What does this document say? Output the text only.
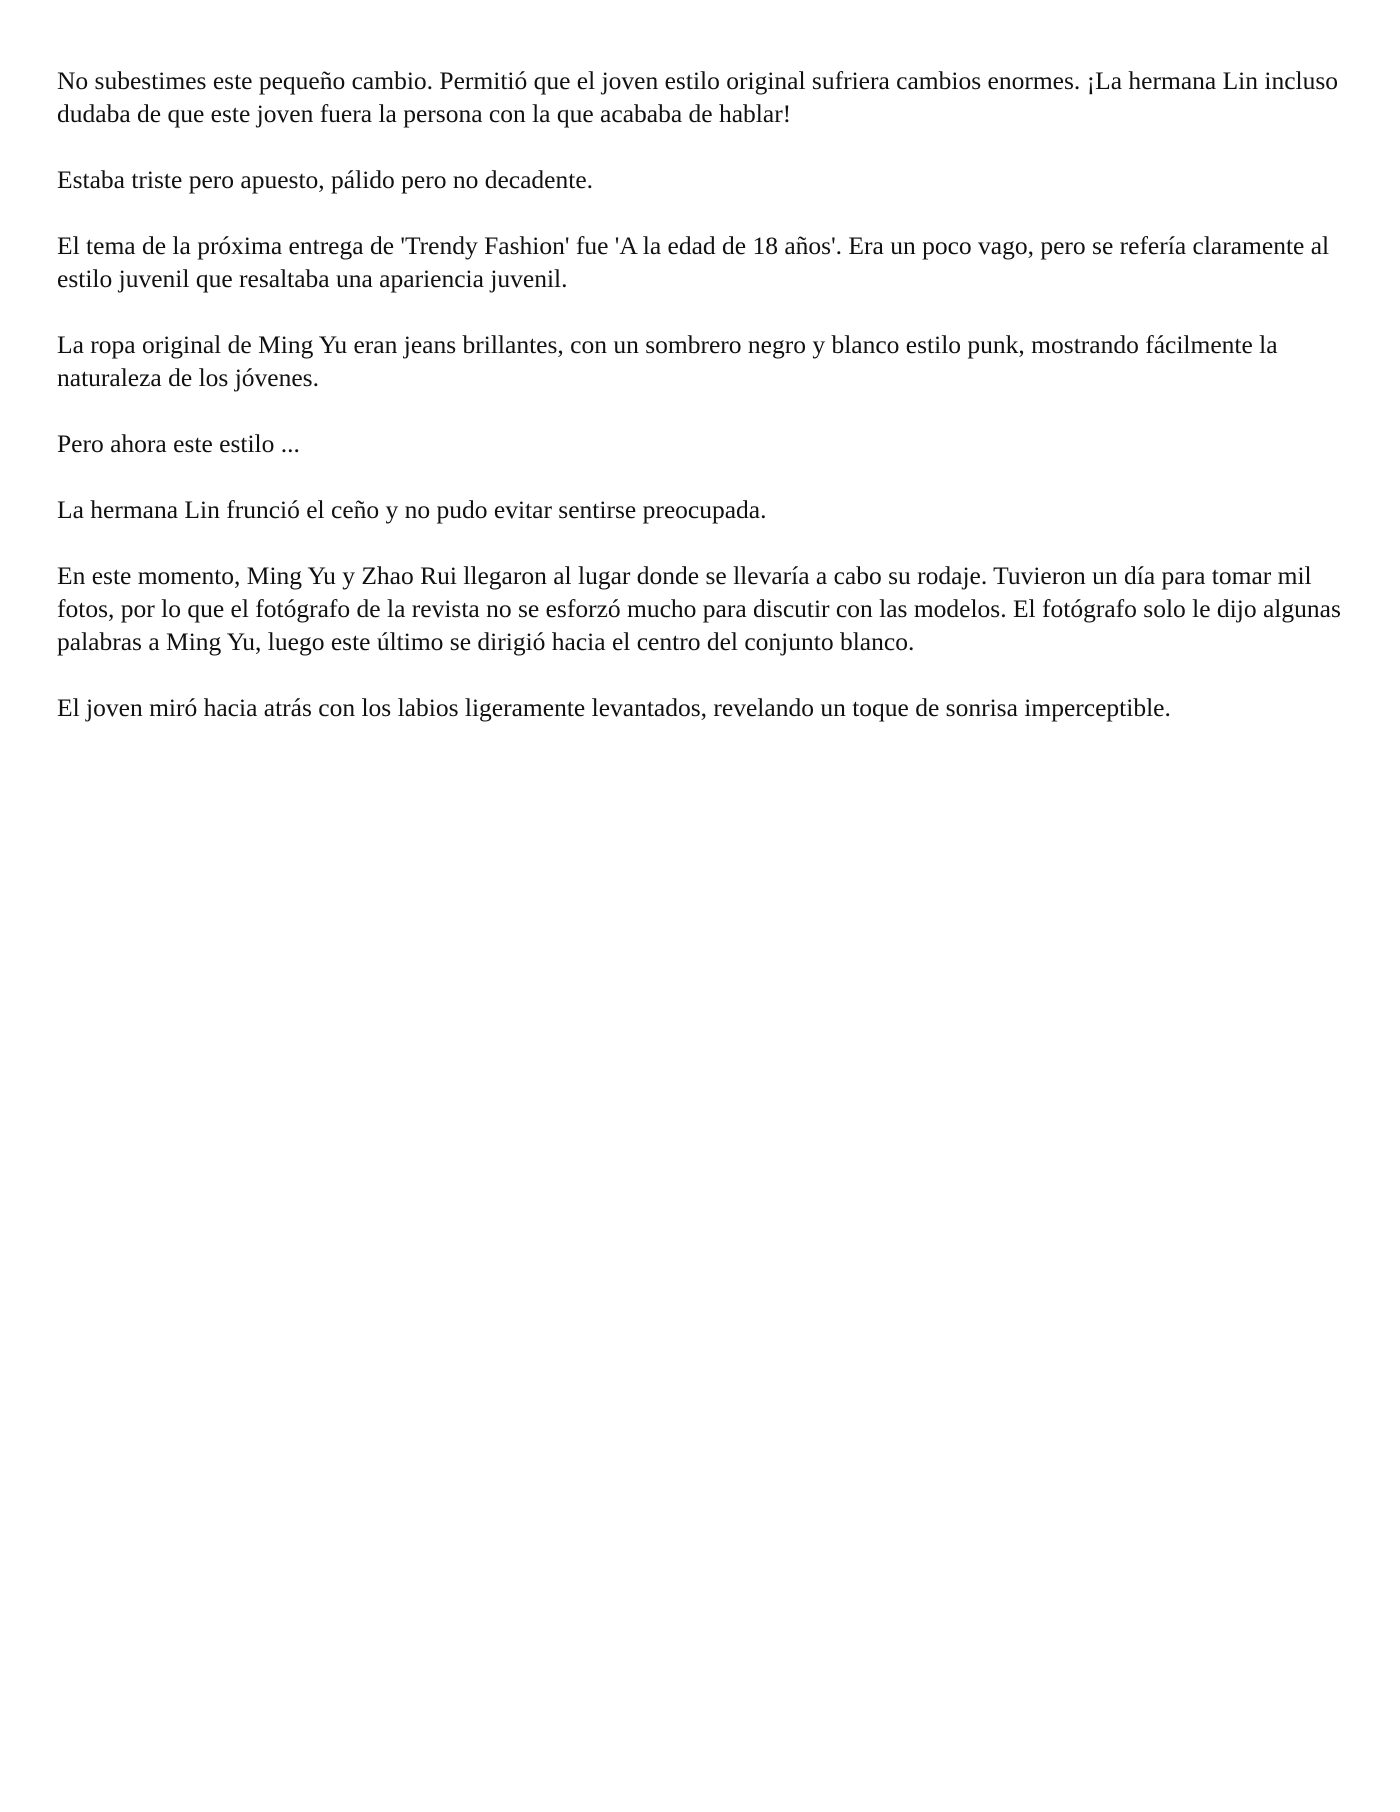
No subestimes este pequeño cambio. Permitió que el joven estilo original sufriera cambios enormes. ¡La hermana Lin incluso dudaba de que este joven fuera la persona con la que acababa de hablar!

Estaba triste pero apuesto, pálido pero no decadente.

El tema de la próxima entrega de 'Trendy Fashion' fue 'A la edad de 18 años'. Era un poco vago, pero se refería claramente al estilo juvenil que resaltaba una apariencia juvenil.

La ropa original de Ming Yu eran jeans brillantes, con un sombrero negro y blanco estilo punk, mostrando fácilmente la naturaleza de los jóvenes.

Pero ahora este estilo ...

La hermana Lin frunció el ceño y no pudo evitar sentirse preocupada.

En este momento, Ming Yu y Zhao Rui llegaron al lugar donde se llevaría a cabo su rodaje. Tuvieron un día para tomar mil fotos, por lo que el fotógrafo de la revista no se esforzó mucho para discutir con las modelos. El fotógrafo solo le dijo algunas palabras a Ming Yu, luego este último se dirigió hacia el centro del conjunto blanco.

El joven miró hacia atrás con los labios ligeramente levantados, revelando un toque de sonrisa imperceptible.
